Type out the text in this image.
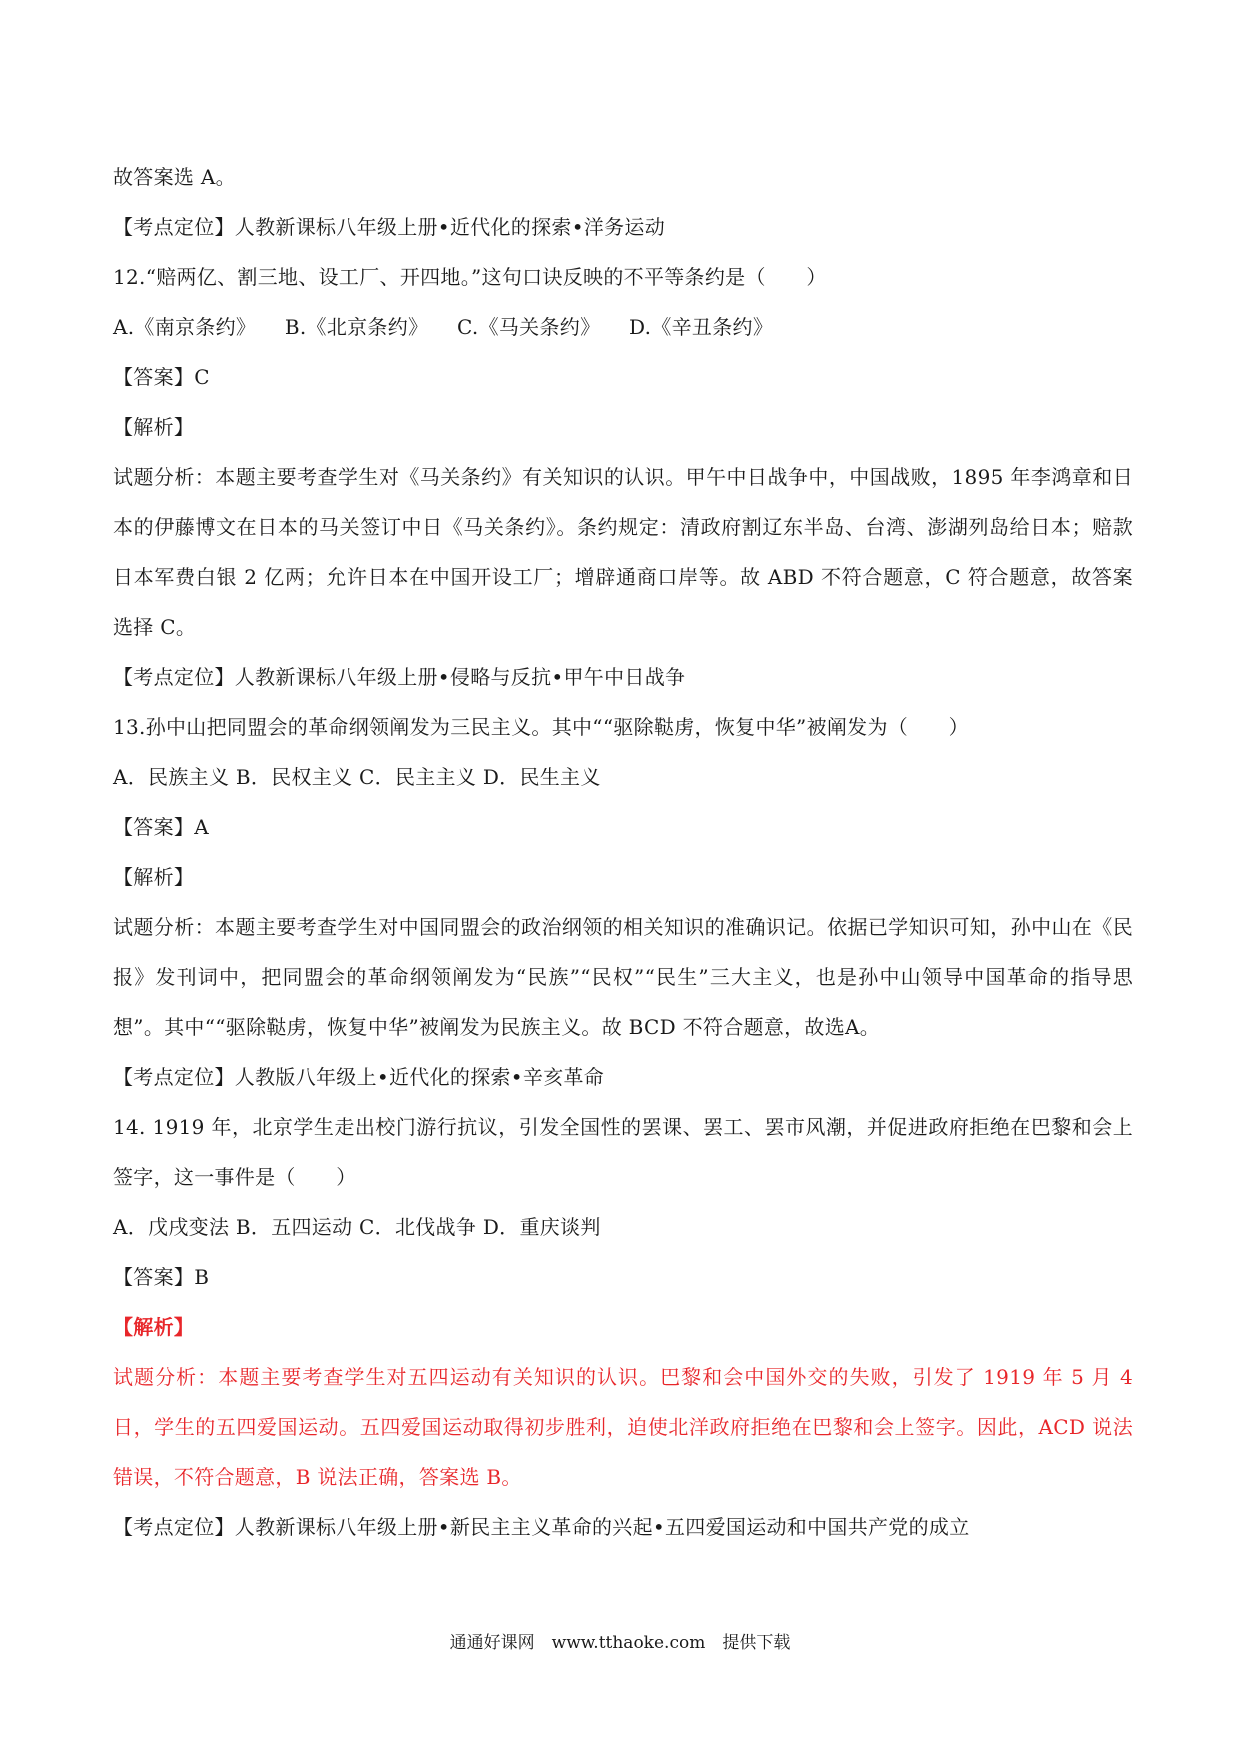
故答案选 A。
【考点定位】人教新课标八年级上册•近代化的探索•洋务运动
12.“赔两亿、割三地、设工厂、开四地。”这句口诀反映的不平等条约是（　　）
A.《南京条约》 B.《北京条约》 C.《马关条约》 D.《辛丑条约》
【答案】C
【解析】
试题分析：本题主要考查学生对《马关条约》有关知识的认识。甲午中日战争中，中国战败，1895 年李鸿章和日本的伊藤博文在日本的马关签订中日《马关条约》。条约规定：清政府割辽东半岛、台湾、澎湖列岛给日本；赔款日本军费白银 2 亿两；允许日本在中国开设工厂；增辟通商口岸等。故 ABD 不符合题意，C 符合题意，故答案选择 C。
【考点定位】人教新课标八年级上册•侵略与反抗•甲午中日战争
13.孙中山把同盟会的革命纲领阐发为三民主义。其中““驱除鞑虏，恢复中华”被阐发为（　　）
A．民族主义 B．民权主义 C．民主主义 D．民生主义
【答案】A
【解析】
试题分析：本题主要考查学生对中国同盟会的政治纲领的相关知识的准确识记。依据已学知识可知，孙中山在《民报》发刊词中，把同盟会的革命纲领阐发为“民族”“民权”“民生”三大主义，也是孙中山领导中国革命的指导思想”。其中““驱除鞑虏，恢复中华”被阐发为民族主义。故 BCD 不符合题意，故选A。
【考点定位】人教版八年级上•近代化的探索•辛亥革命
14. 1919 年，北京学生走出校门游行抗议，引发全国性的罢课、罢工、罢市风潮，并促进政府拒绝在巴黎和会上签字，这一事件是（　　）
A．戊戌变法 B．五四运动 C．北伐战争 D．重庆谈判
【答案】B
【解析】
试题分析：本题主要考查学生对五四运动有关知识的认识。巴黎和会中国外交的失败，引发了 1919 年 5 月 4 日，学生的五四爱国运动。五四爱国运动取得初步胜利，迫使北洋政府拒绝在巴黎和会上签字。因此，ACD 说法错误，不符合题意，B 说法正确，答案选 B。
【考点定位】人教新课标八年级上册•新民主主义革命的兴起•五四爱国运动和中国共产党的成立
通通好课网　www.tthaoke.com　提供下载
